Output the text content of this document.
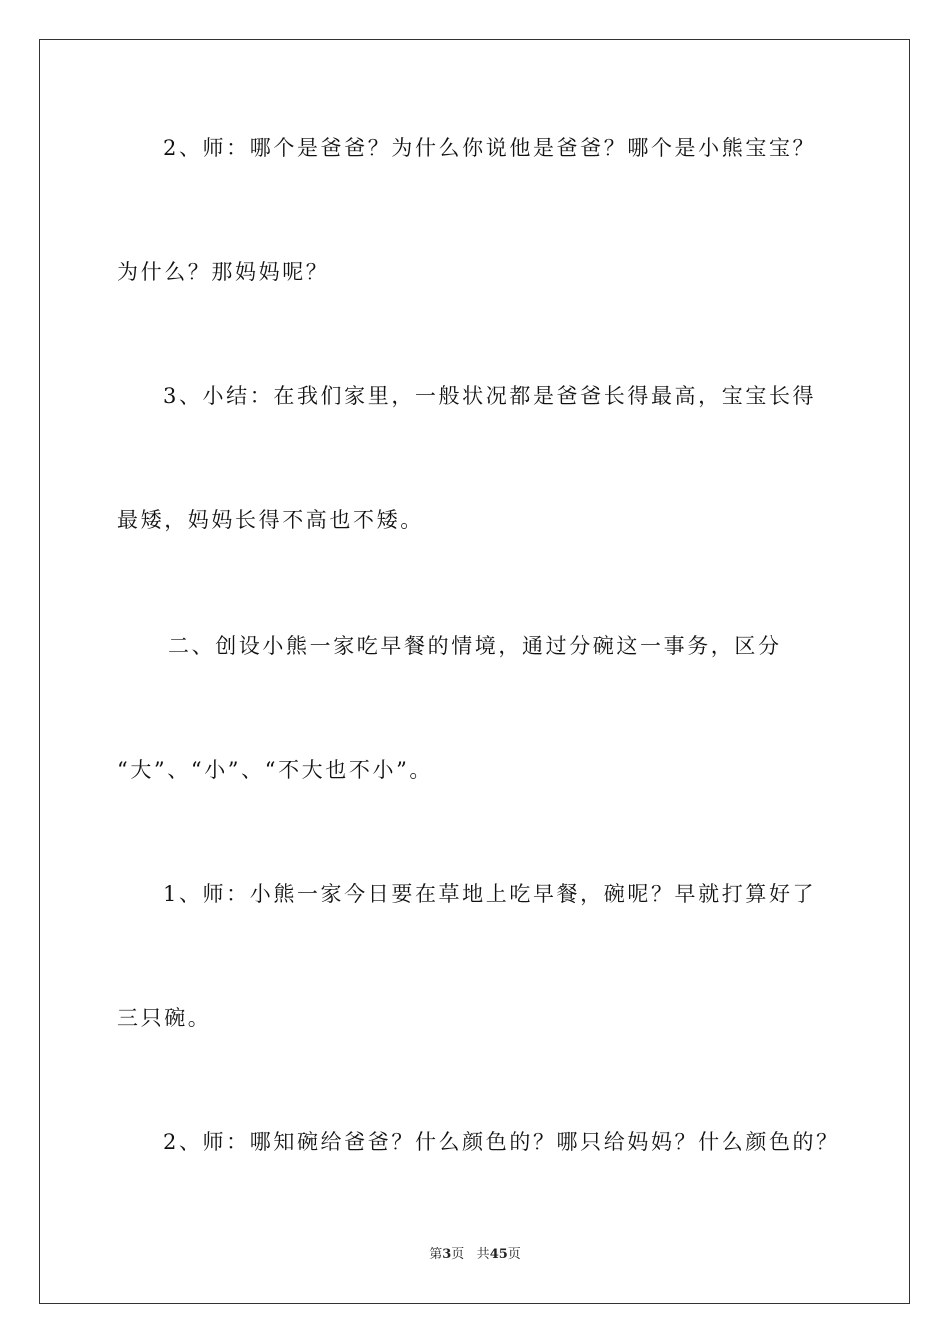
2、师：哪个是爸爸？为什么你说他是爸爸？哪个是小熊宝宝？
为什么？那妈妈呢？
3、小结：在我们家里，一般状况都是爸爸长得最高，宝宝长得
最矮，妈妈长得不高也不矮。
二、创设小熊一家吃早餐的情境，通过分碗这一事务，区分
“大”、“小”、“不大也不小”。
1、师：小熊一家今日要在草地上吃早餐，碗呢？早就打算好了
三只碗。
2、师：哪知碗给爸爸？什么颜色的？哪只给妈妈？什么颜色的？
第3页 共45页
